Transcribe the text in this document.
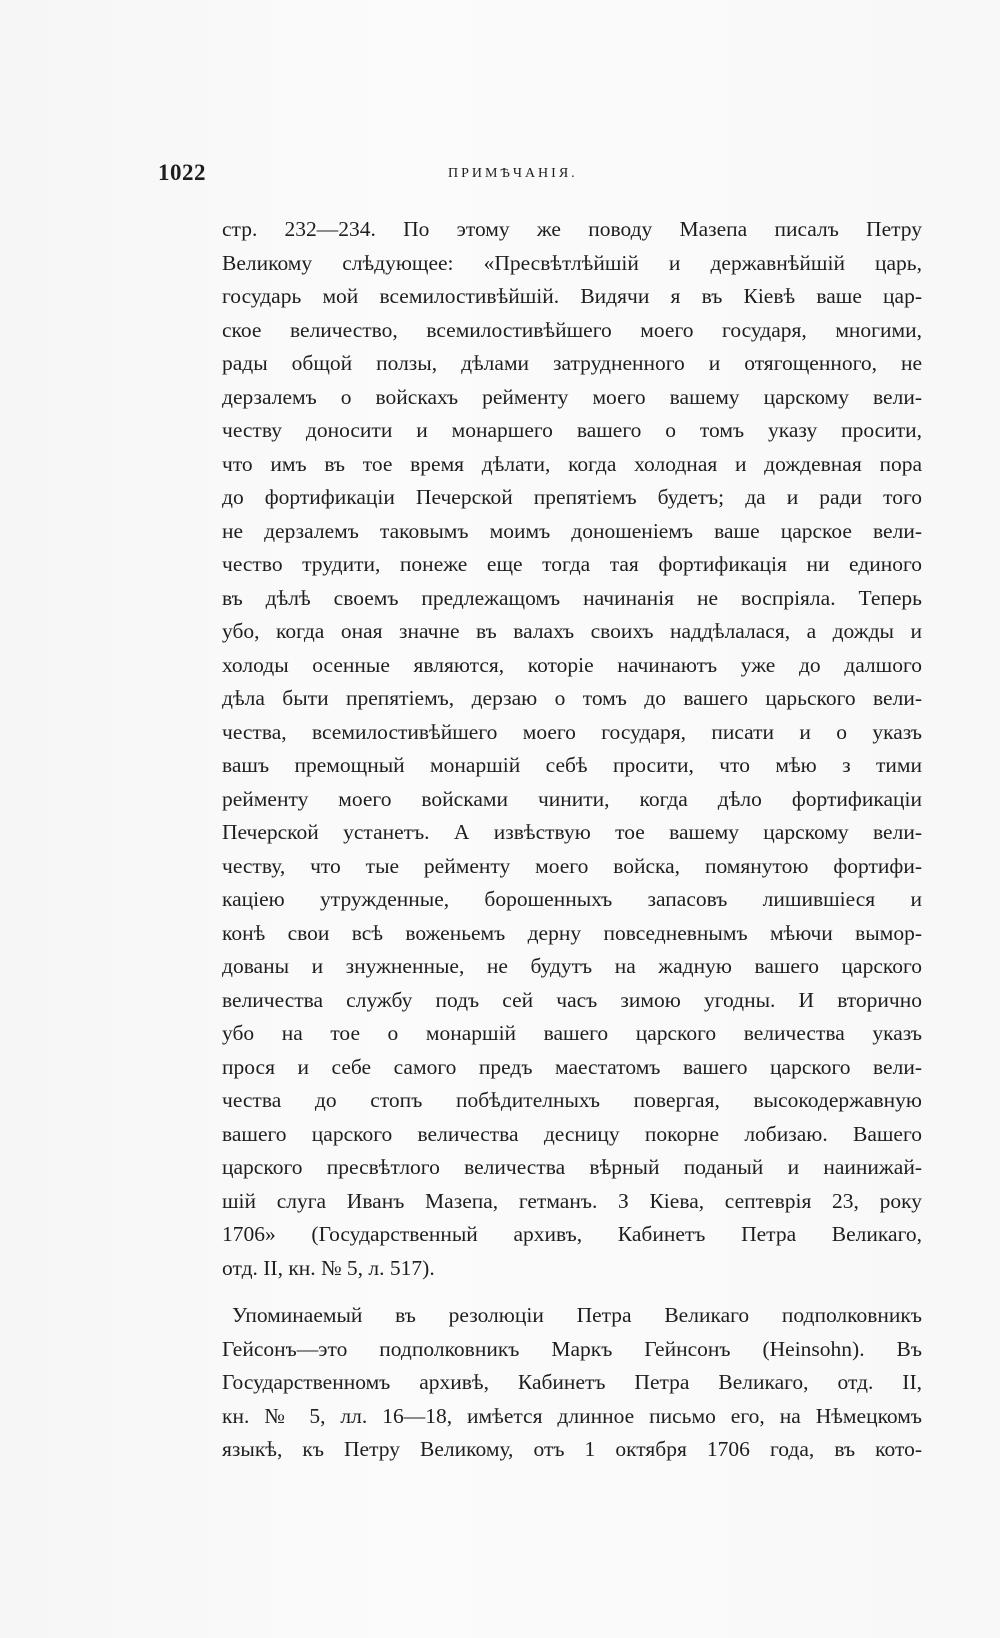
1022	ПРИМѢЧАНІЯ.
стр. 232—234. По этому же поводу Мазепа писалъ Петру
Великому слѣдующее: «Пресвѣтлѣйшій и державнѣйшій царь,
государь мой всемилостивѣйшій. Видячи я въ Кіевѣ ваше цар-
ское величество, всемилостивѣйшего моего государя, многими,
рады общой ползы, дѣлами затрудненного и отягощенного, не
дерзалемъ о войскахъ рейменту моего вашему царскому вели-
честву доносити и монаршего вашего о томъ указу просити,
что имъ въ тое время дѣлати, когда холодная и дождевная пора
до фортификаціи Печерской препятіемъ будетъ; да и ради того
не дерзалемъ таковымъ моимъ доношеніемъ ваше царское вели-
чество трудити, понеже еще тогда тая фортификація ни единого
въ дѣлѣ своемъ предлежащомъ начинанія не воспріяла. Теперь
убо, когда оная значне въ валахъ своихъ наддѣлалася, а дожды и
холоды осенные являются, которіе начинаютъ уже до далшого
дѣла быти препятіемъ, дерзаю о томъ до вашего царьского вели-
чества, всемилостивѣйшего моего государя, писати и о указъ
вашъ премощный монаршій себѣ просити, что мѣю з тими
рейменту моего войсками чинити, когда дѣло фортификаціи
Печерской устанетъ. А извѣствую тое вашему царскому вели-
честву, что тые рейменту моего войска, помянутою фортифи-
каціею утружденные, борошенныхъ запасовъ лишившіеся и
конѣ свои всѣ воженьемъ дерну повседневнымъ мѣючи вымор-
дованы и знужненные, не будутъ на жадную вашего царского
величества службу подъ сей часъ зимою угодны. И вторично
убо на тое о монаршій вашего царского величества указъ
прося и себе самого предъ маестатомъ вашего царского вели-
чества до стопъ побѣдителныхъ повергая, высокодержавную
вашего царского величества десницу покорне лобизаю. Вашего
царского пресвѣтлого величества вѣрный поданый и наинижай-
шій слуга Иванъ Мазепа, гетманъ. З Кіева, септеврія 23, року
1706» (Государственный архивъ, Кабинетъ Петра Великаго,
отд. II, кн. № 5, л. 517).
Упоминаемый въ резолюціи Петра Великаго подполковникъ
Гейсонъ—это подполковникъ Маркъ Гейнсонъ (Heinsohn). Въ
Государственномъ архивѣ, Кабинетъ Петра Великаго, отд. II,
кн. № 5, лл. 16—18, имѣется длинное письмо его, на Нѣмецкомъ
языкѣ, къ Петру Великому, отъ 1 октября 1706 года, въ кото-
